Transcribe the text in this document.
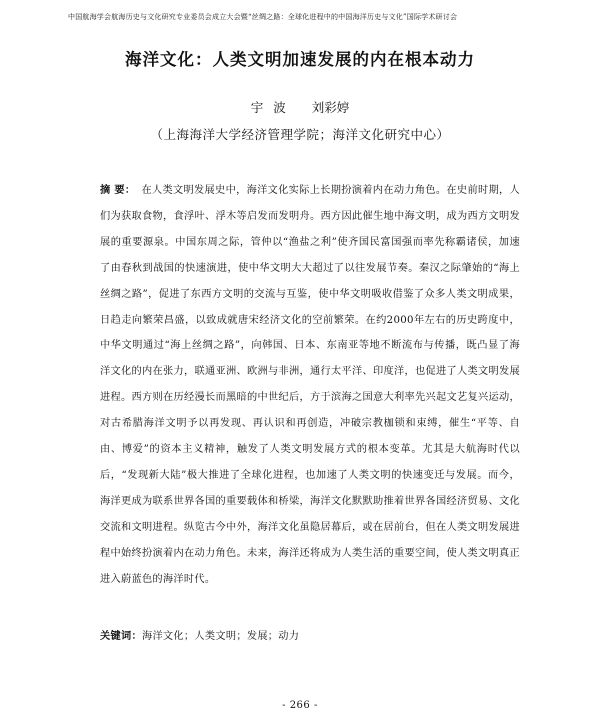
中国航海学会航海历史与文化研究专业委员会成立大会暨“丝绸之路：全球化进程中的中国海洋历史与文化”国际学术研讨会
海洋文化：人类文明加速发展的内在根本动力
宇 波 刘彩婷
（上海海洋大学经济管理学院；海洋文化研究中心）
摘 要： 在人类文明发展史中，海洋文化实际上长期扮演着内在动力角色。在史前时期，人们为获取食物，食浮叶、浮木等启发而发明舟。西方因此催生地中海文明，成为西方文明发展的重要源泉。中国东周之际，管仲以“渔盐之利”使齐国民富国强而率先称霸诸侯，加速了由春秋到战国的快速演进，使中华文明大大超过了以往发展节奏。秦汉之际肇始的“海上丝绸之路”，促进了东西方文明的交流与互鉴，使中华文明吸收借鉴了众多人类文明成果，日趋走向繁荣昌盛，以致成就唐宋经济文化的空前繁荣。在约2000年左右的历史跨度中，中华文明通过“海上丝绸之路”，向韩国、日本、东南亚等地不断流布与传播，既凸显了海洋文化的内在张力，联通亚洲、欧洲与非洲，通行太平洋、印度洋，也促进了人类文明发展进程。西方则在历经漫长而黑暗的中世纪后，方于滨海之国意大利率先兴起文艺复兴运动，对古希腊海洋文明予以再发现、再认识和再创造，冲破宗教枷锁和束缚，催生“平等、自由、博爱”的资本主义精神，触发了人类文明发展方式的根本变革。尤其是大航海时代以后，“发现新大陆”极大推进了全球化进程，也加速了人类文明的快速变迁与发展。而今，海洋更成为联系世界各国的重要载体和桥梁，海洋文化默默助推着世界各国经济贸易、文化交流和文明进程。纵览古今中外，海洋文化虽隐居幕后，或在居前台，但在人类文明发展进程中始终扮演着内在动力角色。未来，海洋还将成为人类生活的重要空间，使人类文明真正进入蔚蓝色的海洋时代。
关键词：海洋文化；人类文明；发展；动力
- 266 -
